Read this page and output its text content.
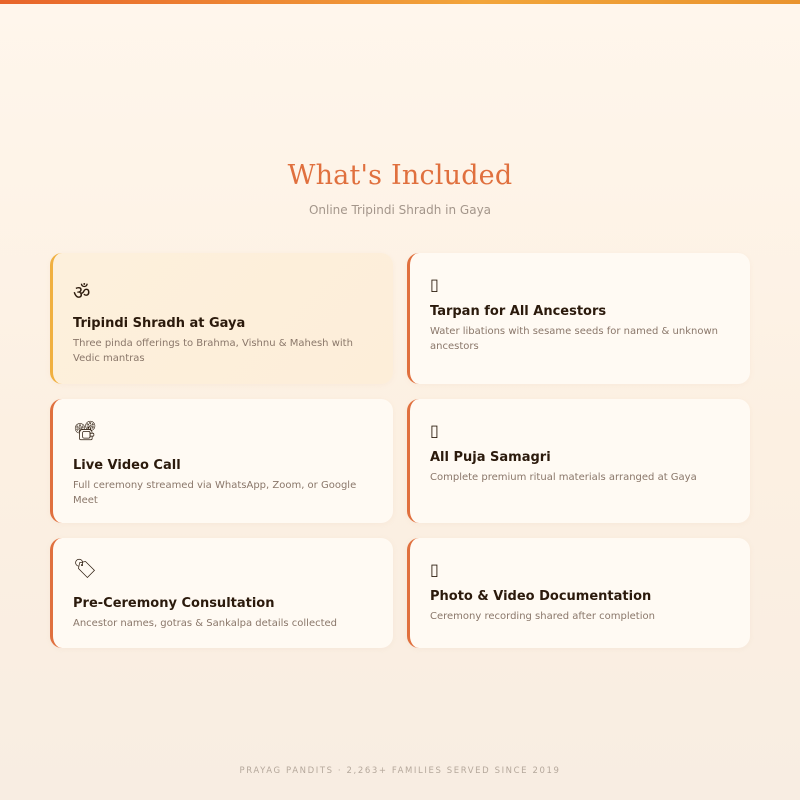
What's Included

Online Tripindi Shradh in Gaya

ॐ
Tripindi Shradh at Gaya
Three pinda offerings to Brahma, Vishnu & Mahesh with Vedic mantras
▯
Tarpan for All Ancestors
Water libations with sesame seeds for named & unknown ancestors
📽
Live Video Call
Full ceremony streamed via WhatsApp, Zoom, or Google Meet
▯
All Puja Samagri
Complete premium ritual materials arranged at Gaya
🏷
Pre-Ceremony Consultation
Ancestor names, gotras & Sankalpa details collected
▯
Photo & Video Documentation
Ceremony recording shared after completion
PRAYAG PANDITS · 2,263+ FAMILIES SERVED SINCE 2019
